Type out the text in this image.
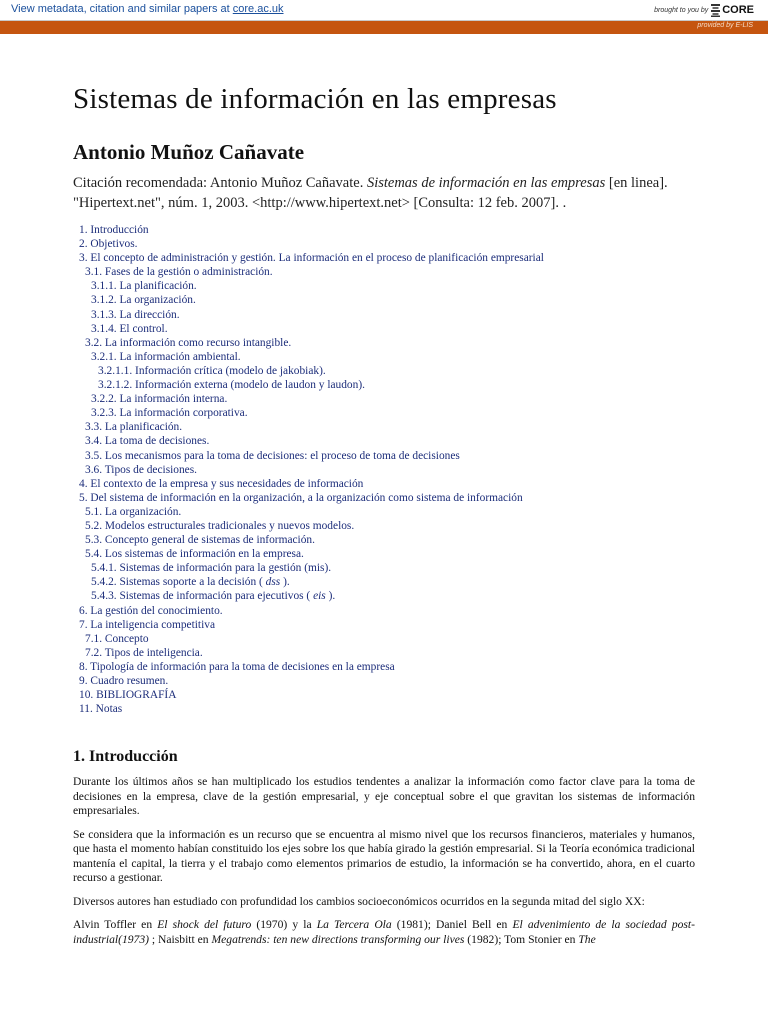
View metadata, citation and similar papers at core.ac.uk	brought to you by CORE
provided by E-LIS
Sistemas de información en las empresas
Antonio Muñoz Cañavate
Citación recomendada: Antonio Muñoz Cañavate. Sistemas de información en las empresas [en linea]. "Hipertext.net", núm. 1, 2003. <http://www.hipertext.net> [Consulta: 12 feb. 2007]. .
1. Introducción
2. Objetivos.
3. El concepto de administración y gestión. La información en el proceso de planificación empresarial
3.1. Fases de la gestión o administración.
3.1.1. La planificación.
3.1.2. La organización.
3.1.3. La dirección.
3.1.4. El control.
3.2. La información como recurso intangible.
3.2.1. La información ambiental.
3.2.1.1. Información crítica (modelo de jakobiak).
3.2.1.2. Información externa (modelo de laudon y laudon).
3.2.2. La información interna.
3.2.3. La información corporativa.
3.3. La planificación.
3.4. La toma de decisiones.
3.5. Los mecanismos para la toma de decisiones: el proceso de toma de decisiones
3.6. Tipos de decisiones.
4. El contexto de la empresa y sus necesidades de información
5. Del sistema de información en la organización, a la organización como sistema de información
5.1. La organización.
5.2. Modelos estructurales tradicionales y nuevos modelos.
5.3. Concepto general de sistemas de información.
5.4. Los sistemas de información en la empresa.
5.4.1. Sistemas de información para la gestión (mis).
5.4.2. Sistemas soporte a la decisión ( dss ).
5.4.3. Sistemas de información para ejecutivos ( eis ).
6. La gestión del conocimiento.
7. La inteligencia competitiva
7.1. Concepto
7.2. Tipos de inteligencia.
8. Tipología de información para la toma de decisiones en la empresa
9. Cuadro resumen.
10. BIBLIOGRAFÍA
11. Notas
1. Introducción

Durante los últimos años se han multiplicado los estudios tendentes a analizar la información como factor clave para la toma de decisiones en la empresa, clave de la gestión empresarial, y eje conceptual sobre el que gravitan los sistemas de información empresariales.

Se considera que la información es un recurso que se encuentra al mismo nivel que los recursos financieros, materiales y humanos, que hasta el momento habían constituido los ejes sobre los que había girado la gestión empresarial. Si la Teoría económica tradicional mantenía el capital, la tierra y el trabajo como elementos primarios de estudio, la información se ha convertido, ahora, en el cuarto recurso a gestionar.

Diversos autores han estudiado con profundidad los cambios socioeconómicos ocurridos en la segunda mitad del siglo XX:

Alvin Toffler en El shock del futuro (1970) y la La Tercera Ola (1981); Daniel Bell en El advenimiento de la sociedad post-industrial(1973) ; Naisbitt en Megatrends: ten new directions transforming our lives (1982); Tom Stonier en The
